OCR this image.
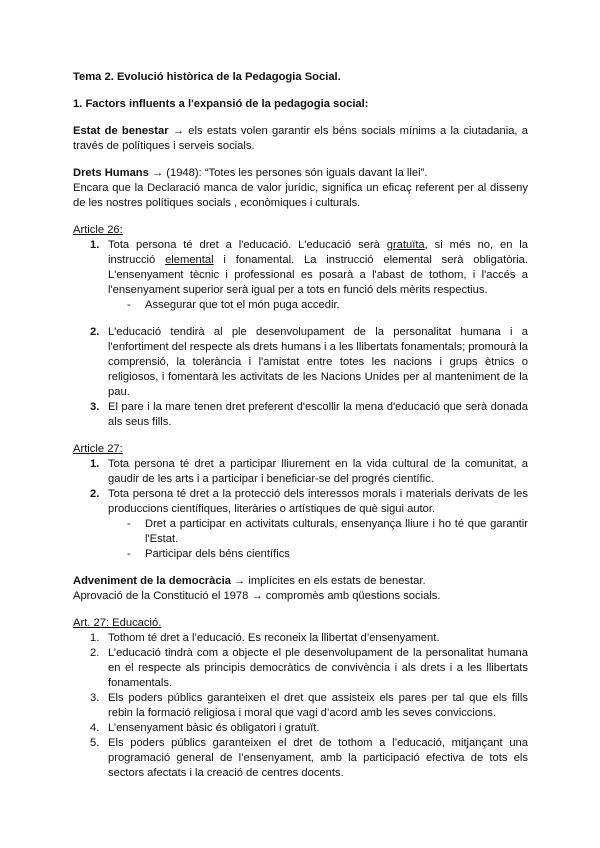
Tema 2. Evolució històrica de la Pedagogia Social.

1. Factors influents a l'expansió de la pedagogia social:

Estat de benestar → els estats volen garantir els béns socials mínims a la ciutadania, a través de polítiques i serveis socials.

Drets Humans → (1948): “Totes les persones són iguals davant la llei”.

Encara que la Declaració manca de valor jurídic, significa un eficaç referent per al disseny de les nostres polítiques socials , econòmiques i culturals.

Article 26:

1. Tota persona té dret a l'educació. L'educació serà gratuïta, si més no, en la instrucció elemental i fonamental. La instrucció elemental serà obligatòria. L'ensenyament tècnic i professional es posarà a l'abast de tothom, i l'accés a l'ensenyament superior serà igual per a tots en funció dels mèrits respectius.
- Assegurar que tot el món puga accedir.
2. L'educació tendirà al ple desenvolupament de la personalitat humana i a l'enfortiment del respecte als drets humans i a les llibertats fonamentals; promourà la comprensió, la tolerància i l'amistat entre totes les nacions i grups ètnics o religiosos, i fomentarà les activitats de les Nacions Unides per al manteniment de la pau.
3. El pare i la mare tenen dret preferent d'escollir la mena d'educació que serà donada als seus fills.

Article 27:

1. Tota persona té dret a participar lliurement en la vida cultural de la comunitat, a gaudir de les arts i a participar i beneficiar-se del progrés científic.
2. Tota persona té dret a la protecció dels interessos morals i materials derivats de les produccions científiques, literàries o artístiques de què sigui autor.
- Dret a participar en activitats culturals, ensenyança lliure i ho té que garantir l'Estat.
- Participar dels béns científics

Adveniment de la democràcia → implícites en els estats de benestar.

Aprovació de la Constitució el 1978 → compromès amb qüestions socials.

Art. 27: Educació.

1. Tothom té dret a l’educació. Es reconeix la llibertat d’ensenyament.
2. L’educació tindrà com a objecte el ple desenvolupament de la personalitat humana en el respecte als principis democràtics de convivència i als drets i a les llibertats fonamentals.
3. Els poders públics garanteixen el dret que assisteix els pares per tal que els fills rebin la formació religiosa i moral que vagi d’acord amb les seves conviccions.
4. L’ensenyament bàsic és obligatori i gratuït.
5. Els poders públics garanteixen el dret de tothom a l’educació, mitjançant una programació general de l’ensenyament, amb la participació efectiva de tots els sectors afectats i la creació de centres docents.
